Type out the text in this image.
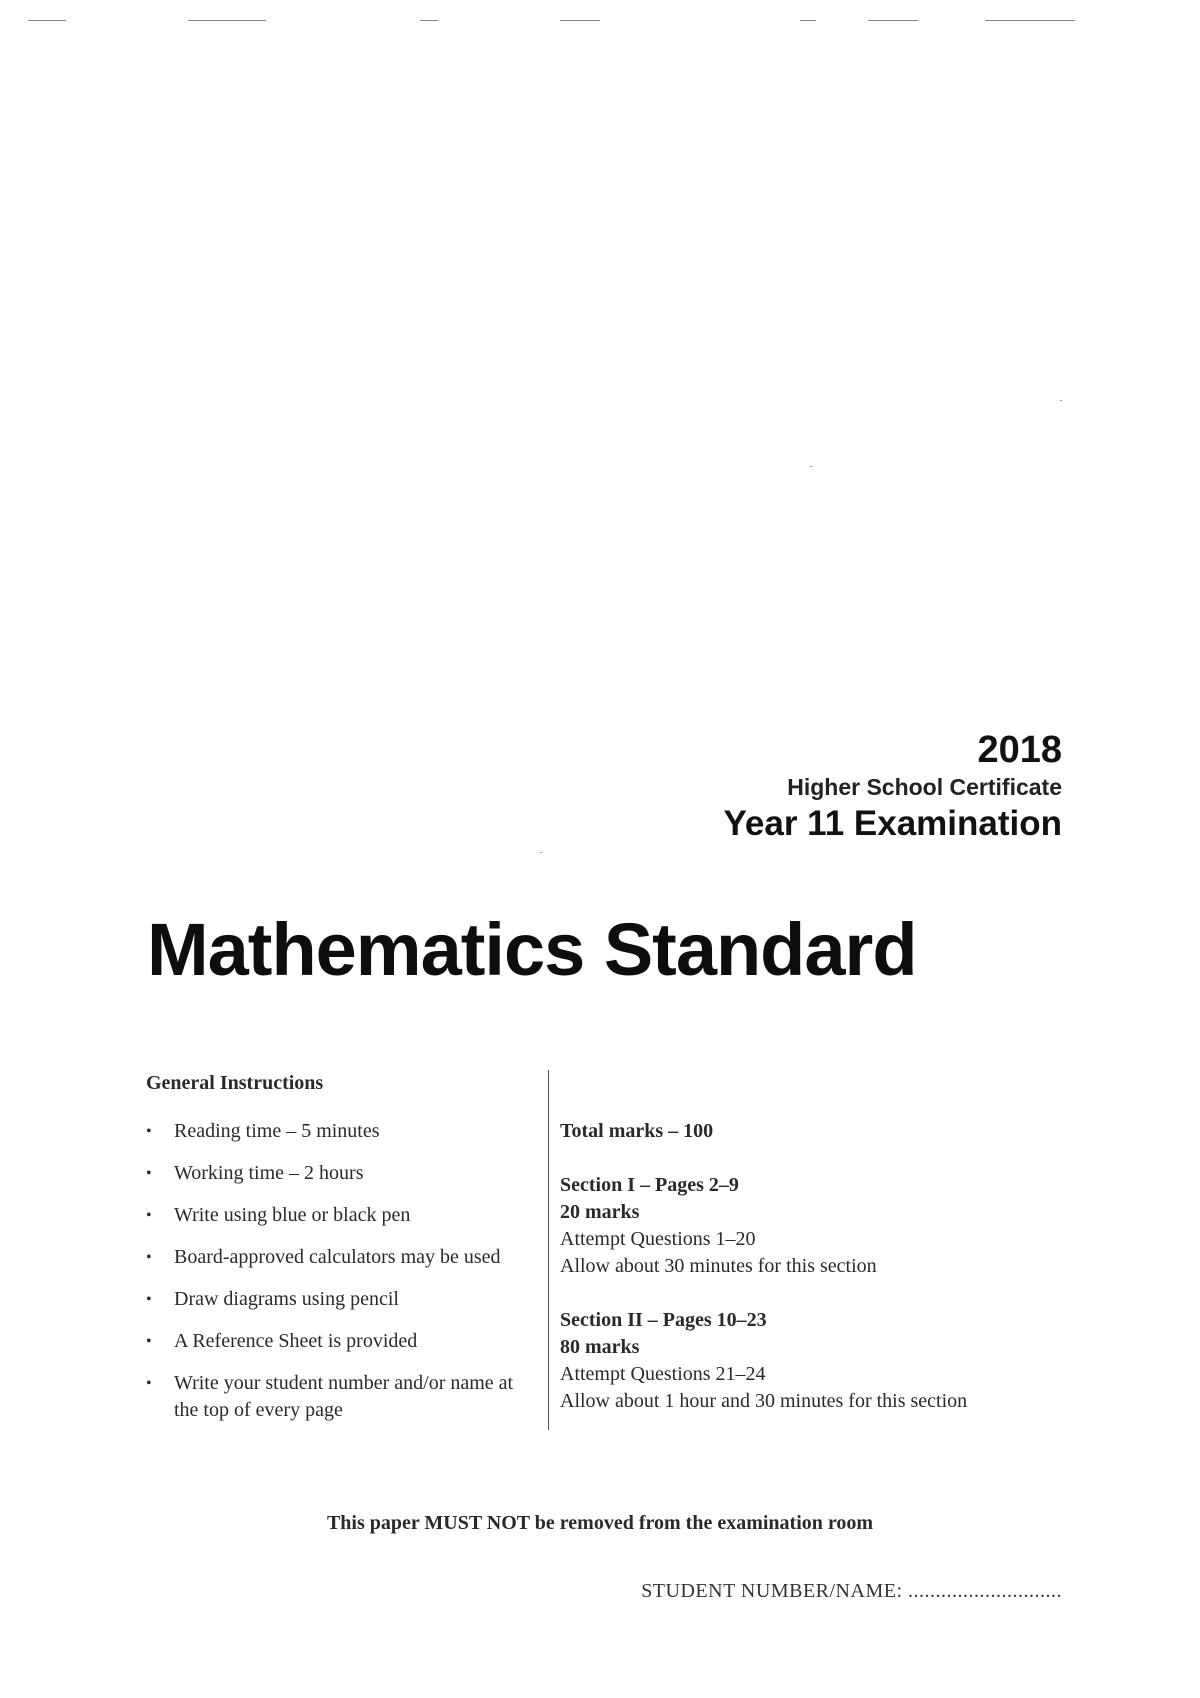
2018
Higher School Certificate
Year 11 Examination
Mathematics Standard
General Instructions
• Reading time – 5 minutes
• Working time – 2 hours
• Write using blue or black pen
• Board-approved calculators may be used
• Draw diagrams using pencil
• A Reference Sheet is provided
• Write your student number and/or name at the top of every page
Total marks – 100
Section I – Pages 2–9
20 marks
Attempt Questions 1–20
Allow about 30 minutes for this section
Section II – Pages 10–23
80 marks
Attempt Questions 21–24
Allow about 1 hour and 30 minutes for this section
This paper MUST NOT be removed from the examination room
STUDENT NUMBER/NAME: ............................
